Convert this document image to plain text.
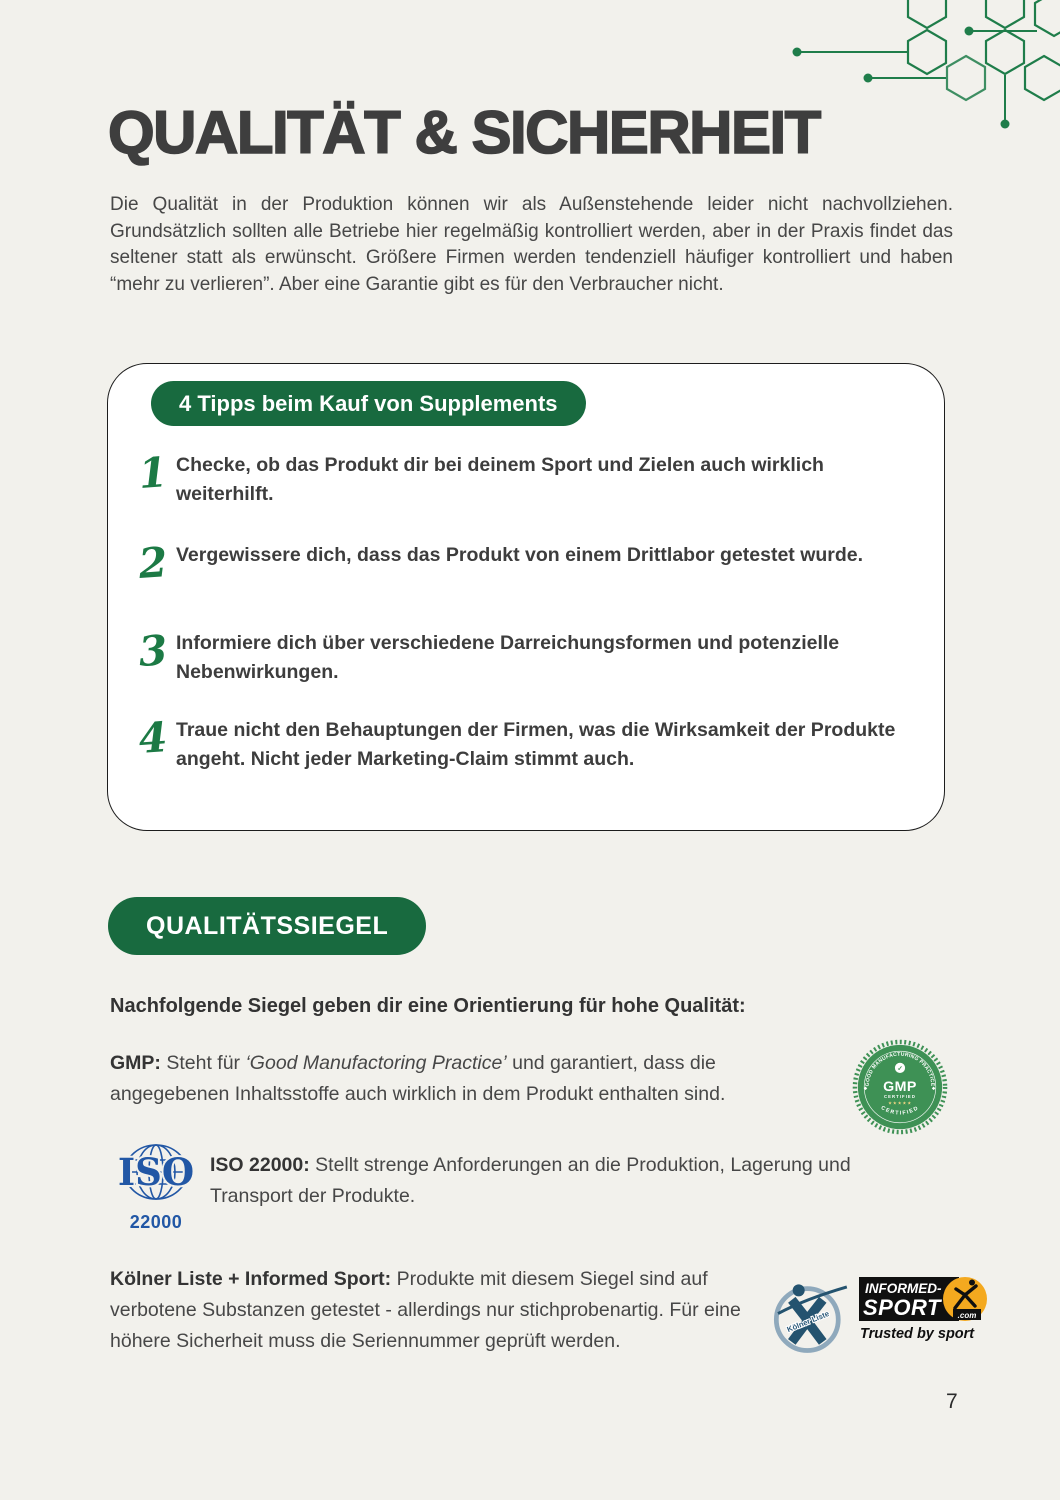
QUALITÄT & SICHERHEIT
Die Qualität in der Produktion können wir als Außenstehende leider nicht nachvollziehen. Grundsätzlich sollten alle Betriebe hier regelmäßig kontrolliert werden, aber in der Praxis findet das seltener statt als erwünscht. Größere Firmen werden tendenziell häufiger kontrolliert und haben “mehr zu verlieren”. Aber eine Garantie gibt es für den Verbraucher nicht.
4 Tipps beim Kauf von Supplements
1 Checke, ob das Produkt dir bei deinem Sport und Zielen auch wirklich weiterhilft.
2 Vergewissere dich, dass das Produkt von einem Drittlabor getestet wurde.
3 Informiere dich über verschiedene Darreichungsformen und potenzielle Nebenwirkungen.
4 Traue nicht den Behauptungen der Firmen, was die Wirksamkeit der Produkte angeht. Nicht jeder Marketing-Claim stimmt auch.
QUALITÄTSSIEGEL
Nachfolgende Siegel geben dir eine Orientierung für hohe Qualität:
GMP: Steht für ‘Good Manufactoring Practice’ und garantiert, dass die angegebenen Inhaltsstoffe auch wirklich in dem Produkt enthalten sind.	GOOD MANUFACTURING PRACTICE
CERTIFIED
◆	◆
✓
GMP
CERTIFIED
★★★★★
ISO
22000
ISO 22000: Stellt strenge Anforderungen an die Produktion, Lagerung und Transport der Produkte.
Kölner Liste + Informed Sport: Produkte mit diesem Siegel sind auf verbotene Substanzen getestet - allerdings nur stichprobenartig. Für eine höhere Sicherheit muss die Seriennummer geprüft werden.
Kölner Liste
INFORMED-
SPORT .com
Trusted by sport
7
